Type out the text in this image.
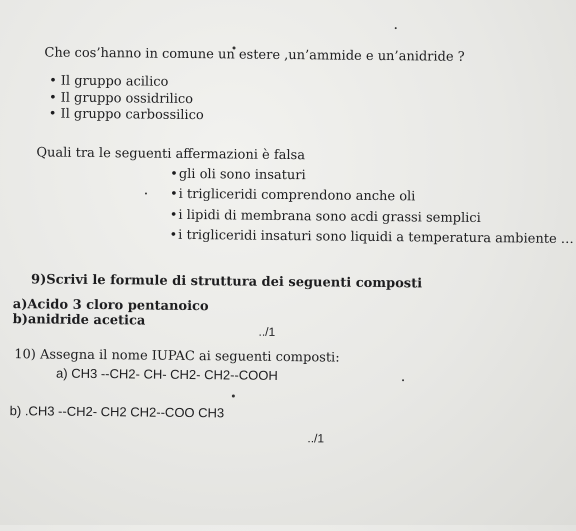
Che cos’hanno in comune un estere ,un’ammide e un’anidride ?
• Il gruppo acilico
• Il gruppo ossidrilico
• Il gruppo carbossilico
Quali tra le seguenti affermazioni è falsa
• gli oli sono insaturi
• i trigliceridi comprendono anche oli
• i lipidi di membrana sono acdi grassi semplici
• i trigliceridi insaturi sono liquidi a temperatura ambiente …
9)Scrivi le formule di struttura dei seguenti composti
a)Acido 3 cloro pentanoico
b)anidride acetica
../1
10) Assegna il nome IUPAC ai seguenti composti:
a) CH3 --CH2- CH- CH2- CH2--COOH
b) .CH3 --CH2- CH2 CH2--COO CH3
../1
